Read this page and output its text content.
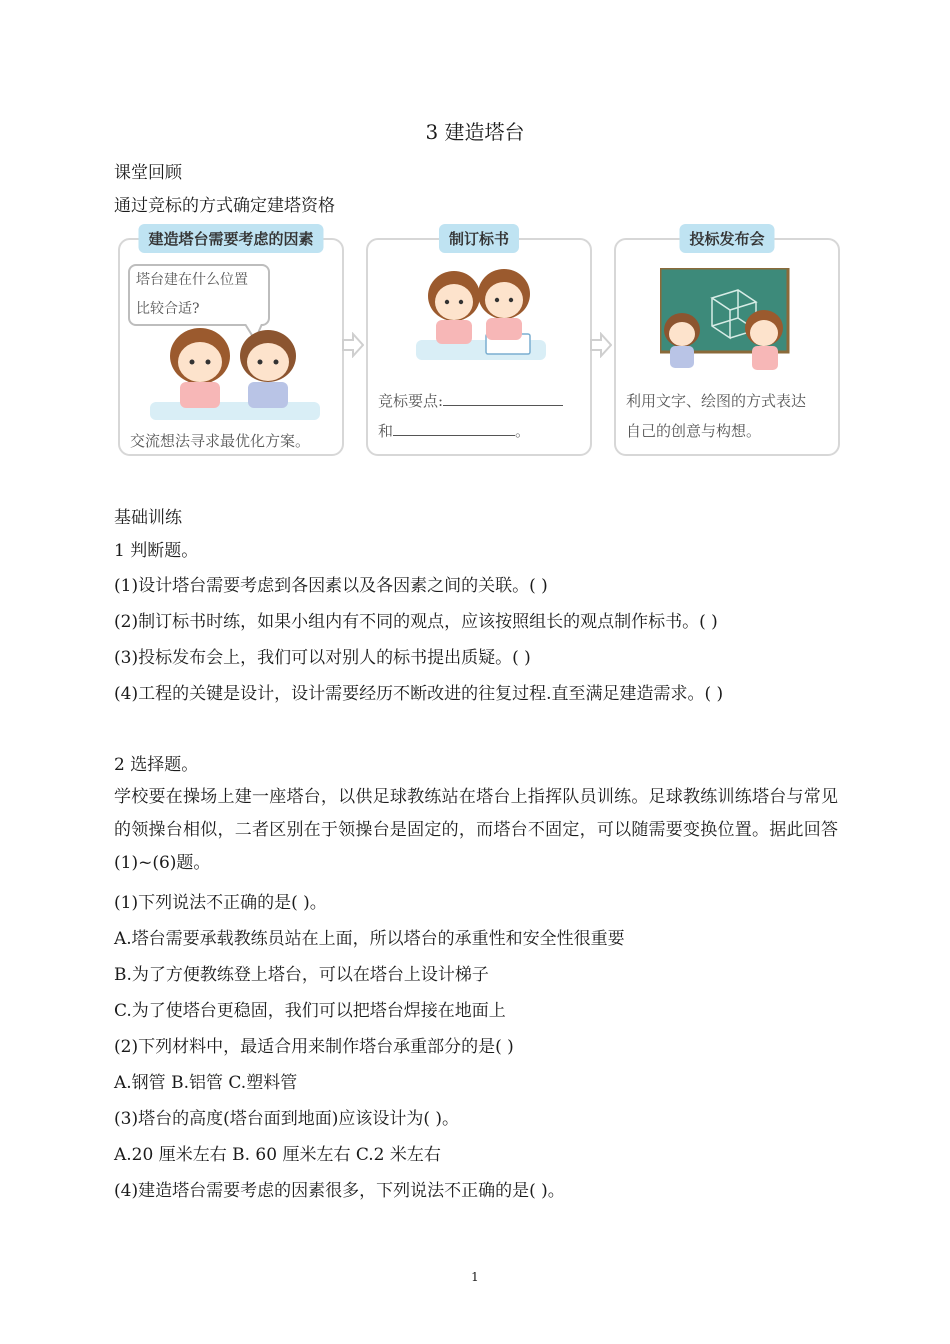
3 建造塔台
课堂回顾
通过竞标的方式确定建塔资格
建造塔台需要考虑的因素
塔台建在什么位置
比较合适?
交流想法寻求最优化方案。
制订标书
竞标要点:
和	。
投标发布会
利用文字、绘图的方式表达
自己的创意与构想。
基础训练
1 判断题。
(1)设计塔台需要考虑到各因素以及各因素之间的关联。( )
(2)制订标书时练，如果小组内有不同的观点，应该按照组长的观点制作标书。( )
(3)投标发布会上，我们可以对别人的标书提出质疑。( )
(4)工程的关键是设计，设计需要经历不断改进的往复过程.直至满足建造需求。( )
2 选择题。
学校要在操场上建一座塔台，以供足球教练站在塔台上指挥队员训练。足球教练训练塔台与常见的领操台相似，二者区别在于领操台是固定的，而塔台不固定，可以随需要变换位置。据此回答(1)~(6)题。
(1)下列说法不正确的是( )。
A.塔台需要承载教练员站在上面，所以塔台的承重性和安全性很重要
B.为了方便教练登上塔台，可以在塔台上设计梯子
C.为了使塔台更稳固，我们可以把塔台焊接在地面上
(2)下列材料中，最适合用来制作塔台承重部分的是( )
A.钢管 B.铝管 C.塑料管
(3)塔台的高度(塔台面到地面)应该设计为( )。
A.20 厘米左右 B. 60 厘米左右 C.2 米左右
(4)建造塔台需要考虑的因素很多，下列说法不正确的是( )。
1
